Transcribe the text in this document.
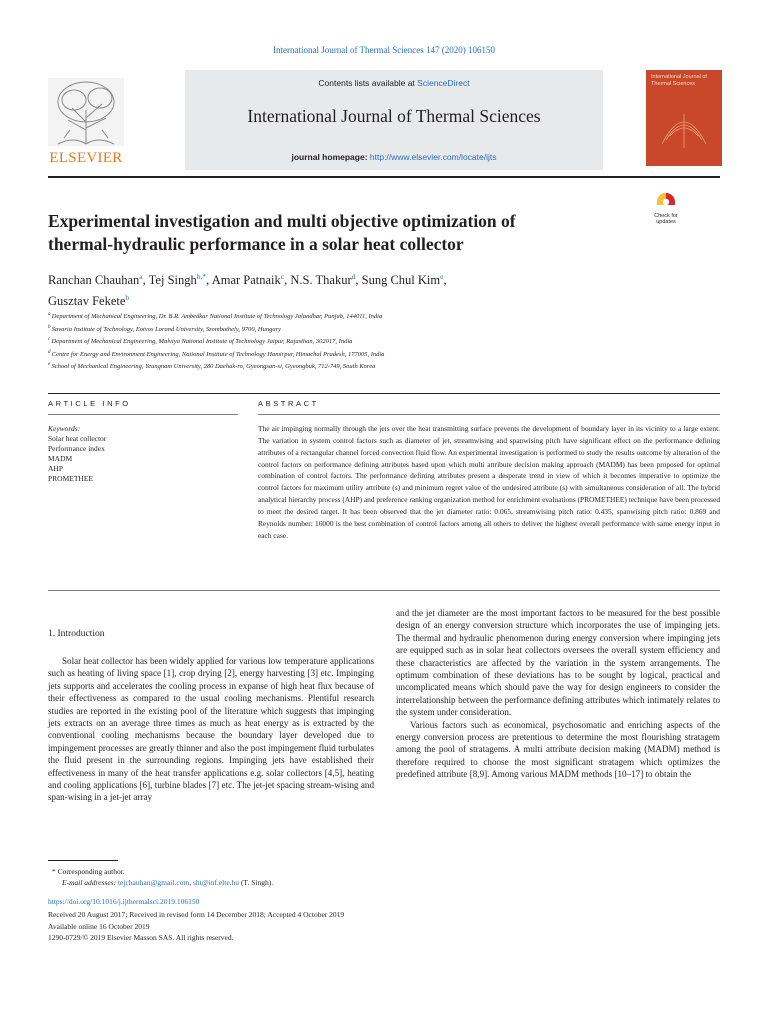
International Journal of Thermal Sciences 147 (2020) 106150
ELSEVIER
Contents lists available at ScienceDirect
International Journal of Thermal Sciences
journal homepage: http://www.elsevier.com/locate/ijts
International Journal of Thermal Sciences
Experimental investigation and multi objective optimization of
thermal-hydraulic performance in a solar heat collector
Check for updates
Ranchan Chauhan$^a$, Tej Singh$^{b,*}$, Amar Patnaik$^c$, N.S. Thakur$^d$, Sung Chul Kim$^e$,
Gusztav Fekete$^b$
$^a$ Department of Mechanical Engineering, Dr. B.R. Ambedkar National Institute of Technology Jalandhar, Punjab, 144011, India
$^b$ Savaria Institute of Technology, Eotvos Lorand University, Szombathely, 9700, Hungary
$^c$ Department of Mechanical Engineering, Malviya National Institute of Technology Jaipur, Rajasthan, 302017, India
$^d$ Centre for Energy and Environment Engineering, National Institute of Technology Hamirpur, Himachal Pradesh, 177005, India
$^e$ School of Mechanical Engineering, Yeungnam University, 280 Daehak-ro, Gyeongsan-si, Gyeongbuk, 712-749, South Korea
ARTICLE INFO	ABSTRACT
Keywords:
Solar heat collector
Performance index
MADM
AHP
PROMETHEE
The air impinging normally through the jets over the heat transmitting surface prevents the development of boundary layer in its vicinity to a large extent. The variation in system control factors such as diameter of jet, streamwising and spanwising pitch have significant effect on the performance defining attributes of a rectangular channel forced convection fluid flow. An experimental investigation is performed to study the results outcome by alteration of the control factors on performance defining attributes based upon which multi attribute decision making approach (MADM) has been proposed for optimal combination of control factors. The performance defining attributes present a desperate trend in view of which it becomes imperative to optimize the control factors for maximum utility attribute (s) and minimum regret value of the undesired attribute (s) with simultaneous consideration of all. The hybrid analytical hierarchy process (AHP) and preference ranking organization method for enrichment evaluations (PROMETHEE) technique have been processed to meet the desired target. It has been observed that the jet diameter ratio: 0.065, streamwising pitch ratio: 0.435, spanwising pitch ratio: 0.869 and Reynolds number: 16000 is the best combination of control factors among all others to deliver the highest overall performance with same energy input in each case.
1. Introduction
Solar heat collector has been widely applied for various low temperature applications such as heating of living space [1], crop drying [2], energy harvesting [3] etc. Impinging jets supports and accelerates the cooling process in expanse of high heat flux because of their effectiveness as compared to the usual cooling mechanisms. Plentiful research studies are reported in the existing pool of the literature which suggests that impinging jets extracts on an average three times as much as heat energy as is extracted by the conventional cooling mechanisms because the boundary layer developed due to impingement processes are greatly thinner and also the post impingement fluid turbulates the fluid present in the surrounding regions. Impinging jets have established their effectiveness in many of the heat transfer applications e.g. solar collectors [4,5], heating and cooling applications [6], turbine blades [7] etc. The jet-jet spacing stream-wising and span-wising in a jet-jet array

and the jet diameter are the most important factors to be measured for the best possible design of an energy conversion structure which incorporates the use of impinging jets. The thermal and hydraulic phenomenon during energy conversion where impinging jets are equipped such as in solar heat collectors oversees the overall system efficiency and these characteristics are affected by the variation in the system arrangements. The optimum combination of these deviations has to be sought by logical, practical and uncomplicated means which should pave the way for design engineers to consider the interrelationship between the performance defining attributes which intimately relates to the system under consideration.

Various factors such as economical, psychosomatic and enriching aspects of the energy conversion process are pretentious to determine the most flourishing stratagem among the pool of stratagems. A multi attribute decision making (MADM) method is therefore required to choose the most significant stratagem which optimizes the predefined attribute [8,9]. Among various MADM methods [10–17] to obtain the

* Corresponding author.
E-mail addresses: tejchauhan@gmail.com, sht@inf.elte.hu (T. Singh).
https://doi.org/10.1016/j.ijthermalsci.2019.106150
Received 20 August 2017; Received in revised form 14 December 2018; Accepted 4 October 2019
Available online 16 October 2019
1290-0729/© 2019 Elsevier Masson SAS. All rights reserved.
